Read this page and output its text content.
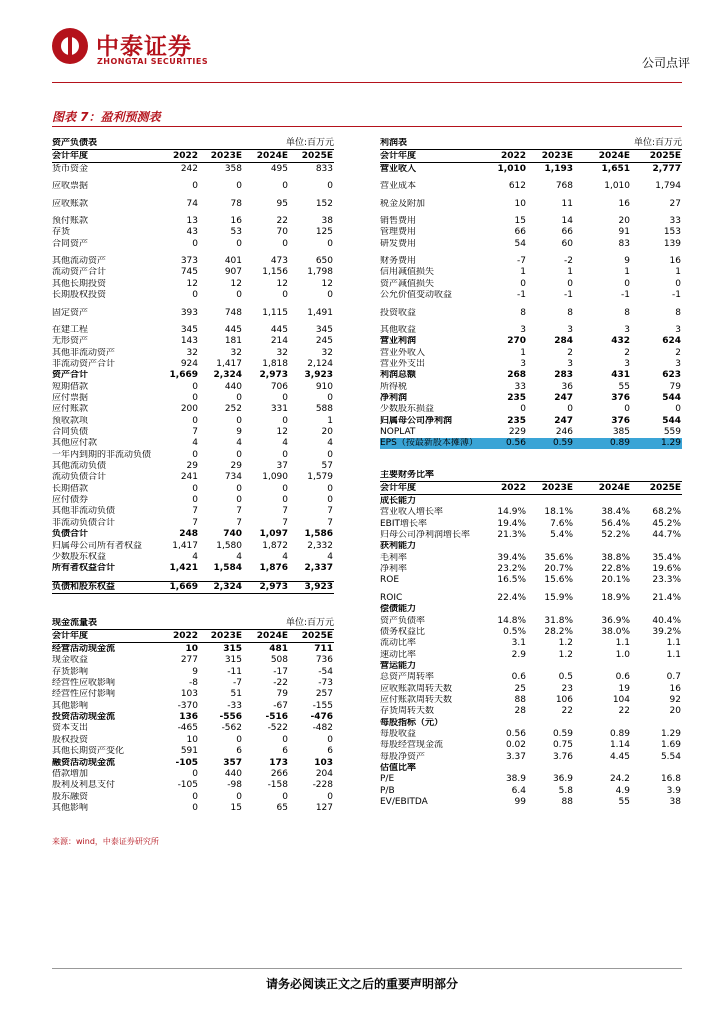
中泰证券
ZHONGTAI SECURITIES	公司点评
图表 7：盈利预测表
资产负债表	单位:百万元
会计年度	2022 2023E 2024E 2025E
货币资金	242	358	495	833
应收票据	0	0	0	0
应收账款	74	78	95	152
预付账款	13	16	22	38
存货	43	53	70	125
合同资产	0	0	0	0
其他流动资产	373	401	473	650
流动资产合计	745	907 1,156 1,798
其他长期投资	12	12	12	12
长期股权投资	0	0	0	0
固定资产	393	748 1,115 1,491
在建工程	345	445	445	345
无形资产	143	181	214	245
其他非流动资产	32	32	32	32
非流动资产合计	924 1,417 1,818 2,124
资产合计	1,669 2,324 2,973 3,923
短期借款	0	440	706	910
应付票据	0	0	0	0
应付账款	200	252	331	588
预收款项	0	0	0	1
合同负债	7	9	12	20
其他应付款	4	4	4	4
一年内到期的非流动负债	0	0	0	0
其他流动负债	29	29	37	57
流动负债合计	241	734 1,090 1,579
长期借款	0	0	0	0
应付债券	0	0	0	0
其他非流动负债	7	7	7	7
非流动负债合计	7	7	7	7
负债合计	248	740 1,097 1,586
归属母公司所有者权益	1,417 1,580 1,872 2,332
少数股东权益	4	4	4	4
所有者权益合计	1,421 1,584 1,876 2,337
负债和股东权益	1,669 2,324 2,973 3,923
现金流量表	单位:百万元
会计年度	2022 2023E 2024E 2025E
经营活动现金流	10	315	481	711
现金收益	277	315	508	736
存货影响	9	-11	-17	-54
经营性应收影响	-8	-7	-22	-73
经营性应付影响	103	51	79	257
其他影响	-370	-33	-67	-155
投资活动现金流	136 -556	-516 -476
资本支出	-465	-562	-522	-482
股权投资	10	0	0	0
其他长期资产变化	591	6	6	6
融资活动现金流	-105	357	173	103
借款增加	0	440	266	204
股利及利息支付	-105	-98	-158	-228
股东融资	0	0	0	0
其他影响	0	15	65	127
利润表	单位:百万元
会计年度	2022 2023E	2024E 2025E
营业收入	1,010 1,193	1,651	2,777
营业成本	612	768	1,010	1,794
税金及附加	10	11	16	27
销售费用	15	14	20	33
管理费用	66	66	91	153
研发费用	54	60	83	139
财务费用	-7	-2	9	16
信用减值损失	1	1	1	1
资产减值损失	0	0	0	0
公允价值变动收益	-1	-1	-1	-1
投资收益	8	8	8	8
其他收益	3	3	3	3
营业利润	270	284	432	624
营业外收入	1	2	2	2
营业外支出	3	3	3	3
利润总额	268	283	431	623
所得税	33	36	55	79
净利润	235	247	376	544
少数股东损益	0	0	0	0
归属母公司净利润	235	247	376	544
NOPLAT	229	246	385	559
EPS（按最新股本摊薄）	0.56	0.59	0.89	1.29
主要财务比率
会计年度	2022 2023E	2024E 2025E
成长能力
营业收入增长率	14.9% 18.1%	38.4% 68.2%
EBIT增长率	19.4%	7.6%	56.4% 45.2%
归母公司净利润增长率	21.3%	5.4%	52.2% 44.7%
获利能力
毛利率	39.4% 35.6%	38.8% 35.4%
净利率	23.2% 20.7%	22.8% 19.6%
ROE	16.5% 15.6%	20.1% 23.3%
ROIC	22.4% 15.9%	18.9% 21.4%
偿债能力
资产负债率	14.8% 31.8%	36.9% 40.4%
债务权益比	0.5% 28.2%	38.0% 39.2%
流动比率	3.1	1.2	1.1	1.1
速动比率	2.9	1.2	1.0	1.1
营运能力
总资产周转率	0.6	0.5	0.6	0.7
应收账款周转天数	25	23	19	16
应付账款周转天数	88	106	104	92
存货周转天数	28	22	22	20
每股指标（元）
每股收益	0.56	0.59	0.89	1.29
每股经营现金流	0.02	0.75	1.14	1.69
每股净资产	3.37	3.76	4.45	5.54
估值比率
P/E	38.9	36.9	24.2	16.8
P/B	6.4	5.8	4.9	3.9
EV/EBITDA	99	88	55	38
来源：wind，中泰证券研究所
请务必阅读正文之后的重要声明部分
